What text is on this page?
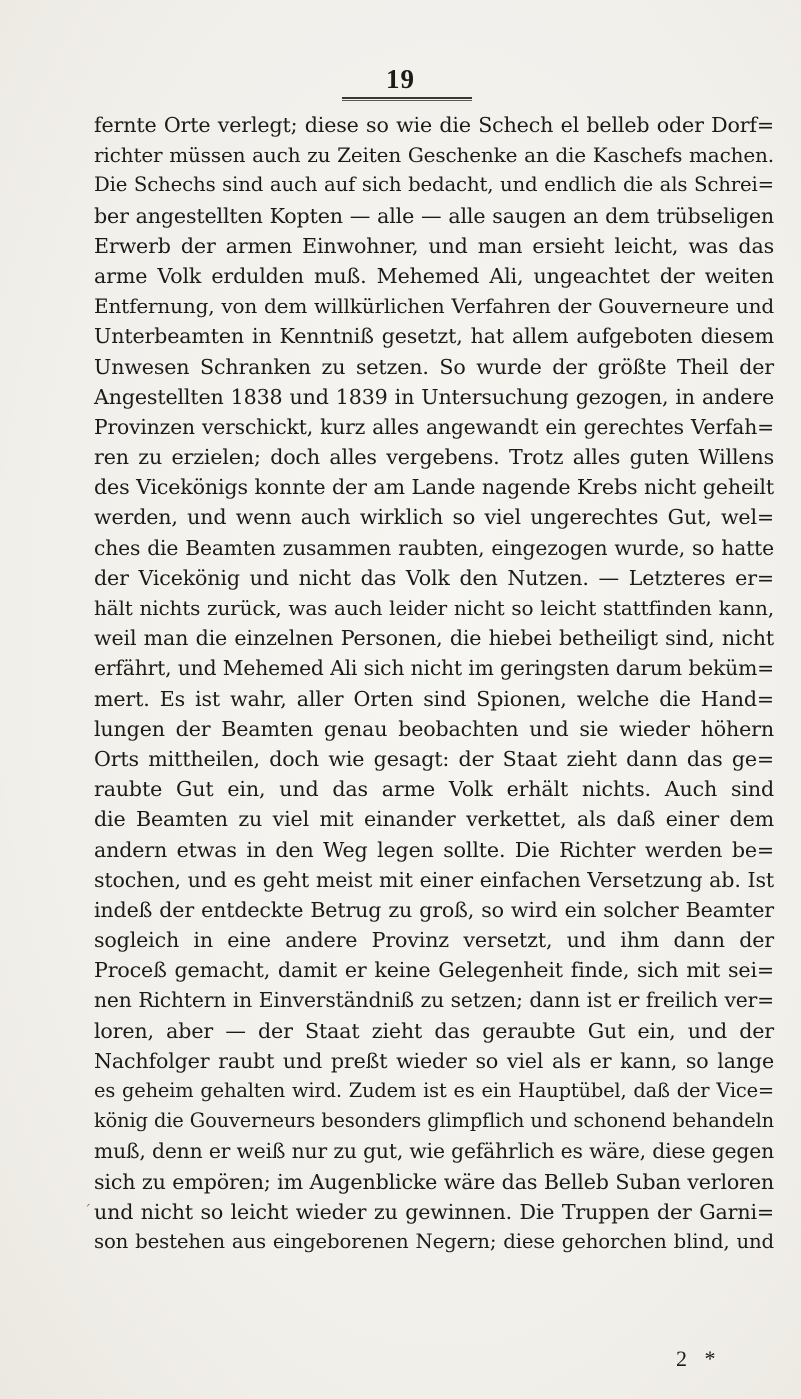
19
fernte Orte verlegt; diese so wie die Schech el belleb oder Dorf=
richter müssen auch zu Zeiten Geschenke an die Kaschefs machen.
Die Schechs sind auch auf sich bedacht, und endlich die als Schrei=
ber angestellten Kopten — alle — alle saugen an dem trübseligen
Erwerb der armen Einwohner, und man ersieht leicht, was das
arme Volk erdulden muß. Mehemed Ali, ungeachtet der weiten
Entfernung, von dem willkürlichen Verfahren der Gouverneure und
Unterbeamten in Kenntniß gesetzt, hat allem aufgeboten diesem
Unwesen Schranken zu setzen. So wurde der größte Theil der
Angestellten 1838 und 1839 in Untersuchung gezogen, in andere
Provinzen verschickt, kurz alles angewandt ein gerechtes Verfah=
ren zu erzielen; doch alles vergebens. Trotz alles guten Willens
des Vicekönigs konnte der am Lande nagende Krebs nicht geheilt
werden, und wenn auch wirklich so viel ungerechtes Gut, wel=
ches die Beamten zusammen raubten, eingezogen wurde, so hatte
der Vicekönig und nicht das Volk den Nutzen. — Letzteres er=
hält nichts zurück, was auch leider nicht so leicht stattfinden kann,
weil man die einzelnen Personen, die hiebei betheiligt sind, nicht
erfährt, und Mehemed Ali sich nicht im geringsten darum beküm=
mert. Es ist wahr, aller Orten sind Spionen, welche die Hand=
lungen der Beamten genau beobachten und sie wieder höhern
Orts mittheilen, doch wie gesagt: der Staat zieht dann das ge=
raubte Gut ein, und das arme Volk erhält nichts. Auch sind
die Beamten zu viel mit einander verkettet, als daß einer dem
andern etwas in den Weg legen sollte. Die Richter werden be=
stochen, und es geht meist mit einer einfachen Versetzung ab. Ist
indeß der entdeckte Betrug zu groß, so wird ein solcher Beamter
sogleich in eine andere Provinz versetzt, und ihm dann der
Proceß gemacht, damit er keine Gelegenheit finde, sich mit sei=
nen Richtern in Einverständniß zu setzen; dann ist er freilich ver=
loren, aber — der Staat zieht das geraubte Gut ein, und der
Nachfolger raubt und preßt wieder so viel als er kann, so lange
es geheim gehalten wird. Zudem ist es ein Hauptübel, daß der Vice=
könig die Gouverneurs besonders glimpflich und schonend behandeln
muß, denn er weiß nur zu gut, wie gefährlich es wäre, diese gegen
sich zu empören; im Augenblicke wäre das Belleb Suban verloren
und nicht so leicht wieder zu gewinnen. Die Truppen der Garni=
son bestehen aus eingeborenen Negern; diese gehorchen blind, und
´
2 *
